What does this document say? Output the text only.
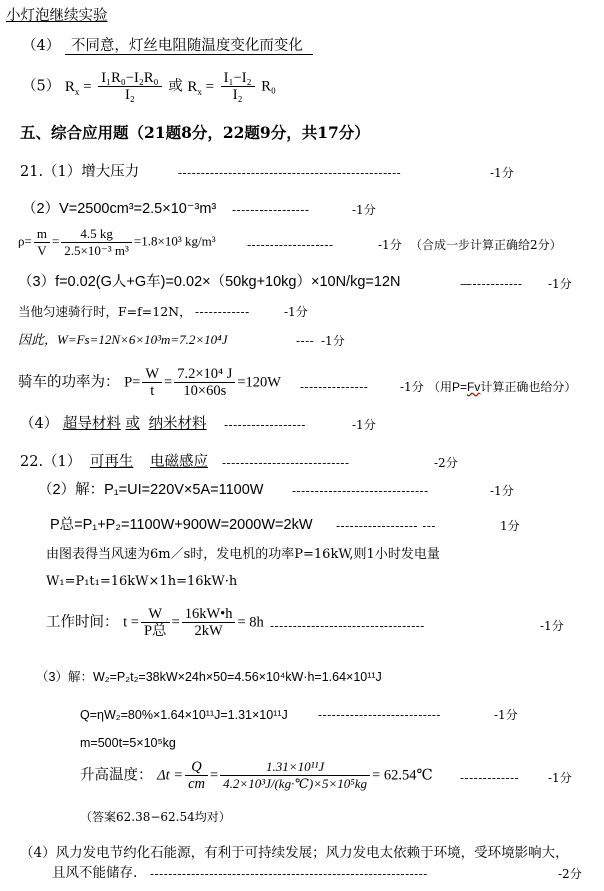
小灯泡继续实验
（4） 不同意，灯丝电阻随温度变化而变化
（5） $R_x = \frac{\text{I₁R₀−I₂R₀}}{\text{I₂}}$ 或 $R_x = \frac{\text{I₁−I₂}}{\text{I₂}} R_0$
五、综合应用题（21题8分，22题9分，共17分）
21.（1）增大压力	-------------------------------------------------	-1分
（2）V=2500cm³=2.5×10⁻³m³ -----------------	-1分
$\rho= \frac{m}{V} = \frac{4.5 kg}{\text{2.5×10⁻³ m³}} =1.8\times 10^3$ kg/m³	-------------------	-1分 （合成一步计算正确给2分）
（3）f=0.02(G人+G车)=0.02×（50kg+10kg）×10N/kg=12N	—----------- -1分
当他匀速骑行时，F=f=12N， ------------	-1分
因此，W=Fs=12N×6×10³m=7.2×10⁴J	---- -1分
骑车的功率为： $P= \frac{W}{t} = \frac{\text{7.2×10⁴ J}}{10\times 60s} =120W$ ---------------	-1分 （用P=Fv计算正确也给分）
（4） 超导材料 或 纳米材料 ------------------	-1分
22.（1） 可再生 电磁感应 ----------------------------	-2分
（2）解：P₁=UI=220V×5A=1100W ------------------------------	-1分
P总=P₁+P₂=1100W+900W=2000W=2kW ------------------ ---	1分
由图表得当风速为6m／s时，发电机的功率P=16kW,则1小时发电量
W₁=P₁t₁=16kW×1h=16kW·h
工作时间： $t = \frac{W}{\text{P总}} = \frac{16kW•h}{2kW} = 8h$ ----------------------------------	-1分
（3）解：W₂=P₂t₂=38kW×24h×50=4.56×10⁴kW·h=1.64×10¹¹J
Q=ηW₂=80%×1.64×10¹¹J=1.31×10¹¹J	---------------------------	-1分
m=500t=5×10⁵kg
升高温度： $\Delta t = \frac{Q}{cm} = \frac{\text{1.31×10¹¹J}}{\text{4.2×10³J/(kg·℃)×5×10⁵kg}}$ = 62.54℃ ------------- -1分
（答案62.38−62.54均对）
（4）风力发电节约化石能源，有利于可持续发展；风力发电太依赖于环境，受环境影响大，
且风不能储存. -------------------------------------------------------------	-2分
